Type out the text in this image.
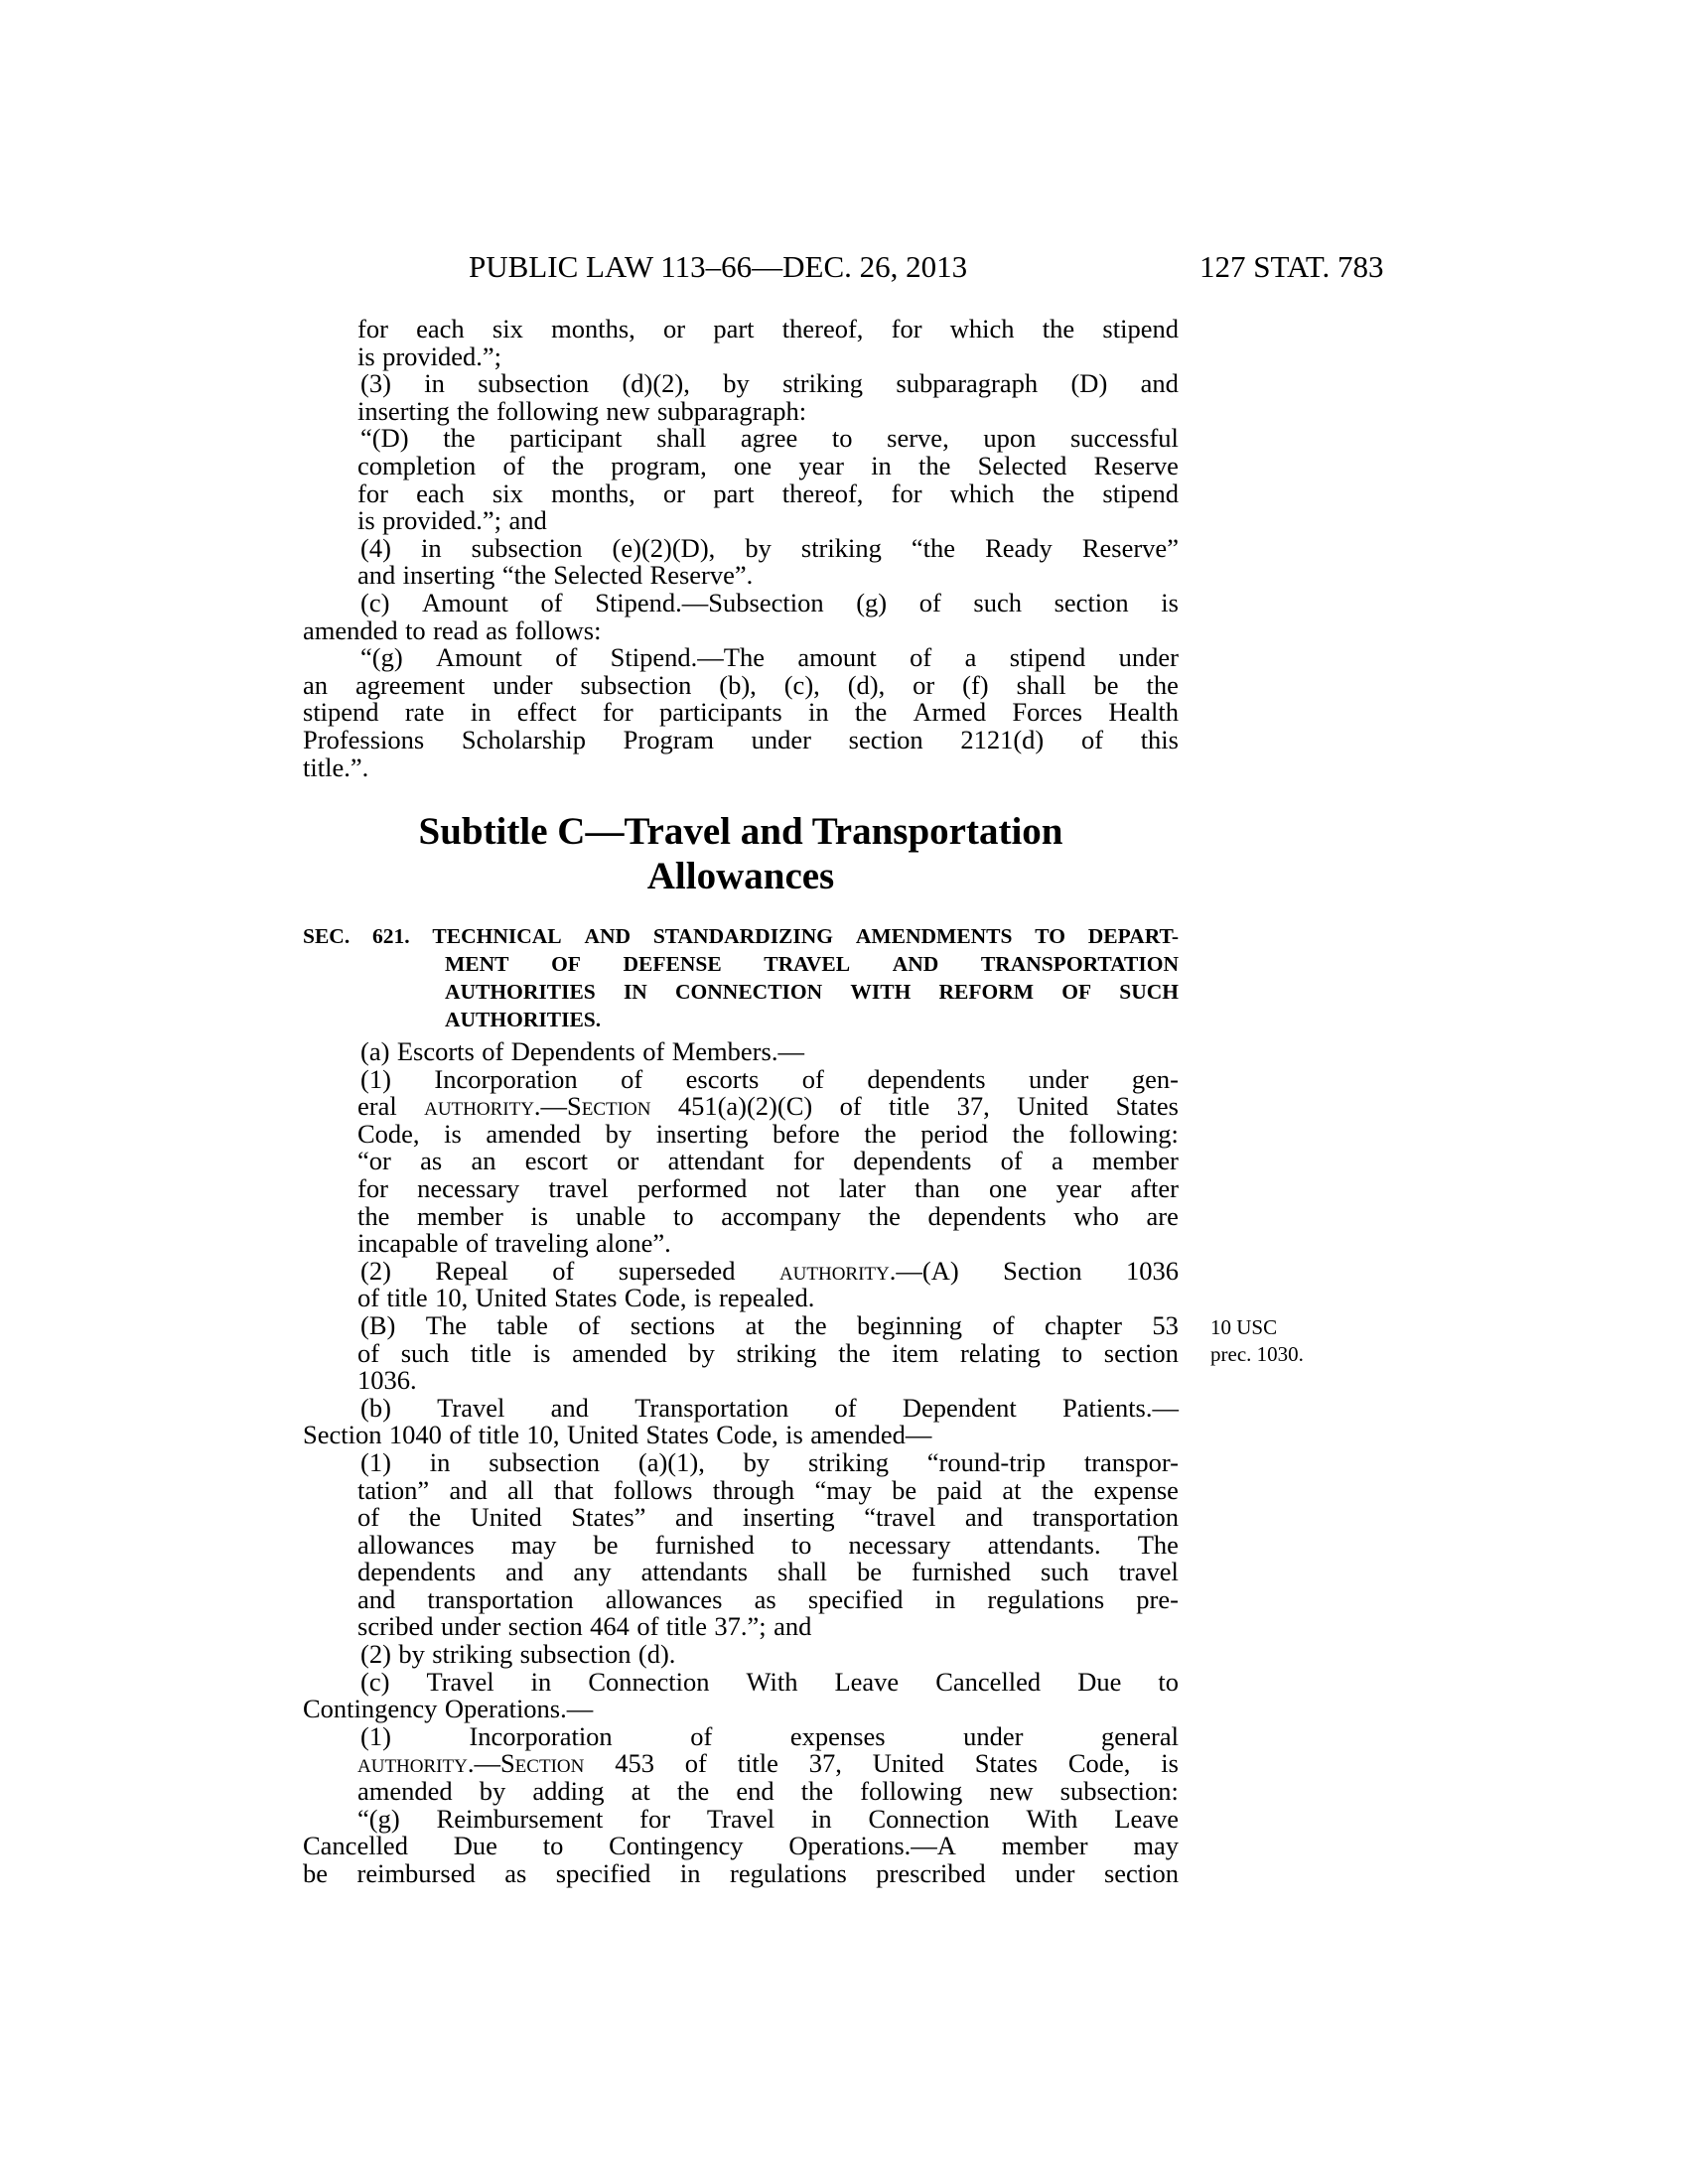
PUBLIC LAW 113–66—DEC. 26, 2013	127 STAT. 783
for each six months, or part thereof, for which the stipend
is provided.”;
(3) in subsection (d)(2), by striking subparagraph (D) and
inserting the following new subparagraph:
“(D) the participant shall agree to serve, upon successful
completion of the program, one year in the Selected Reserve
for each six months, or part thereof, for which the stipend
is provided.”; and
(4) in subsection (e)(2)(D), by striking “the Ready Reserve”
and inserting “the Selected Reserve”.
(c) Amount of Stipend.—Subsection (g) of such section is
amended to read as follows:
“(g) Amount of Stipend.—The amount of a stipend under
an agreement under subsection (b), (c), (d), or (f) shall be the
stipend rate in effect for participants in the Armed Forces Health
Professions Scholarship Program under section 2121(d) of this
title.”.
Subtitle C—Travel and Transportation
Allowances
SEC. 621. TECHNICAL AND STANDARDIZING AMENDMENTS TO DEPART-
MENT OF DEFENSE TRAVEL AND TRANSPORTATION
AUTHORITIES IN CONNECTION WITH REFORM OF SUCH
AUTHORITIES.
(a) Escorts of Dependents of Members.—
(1) Incorporation of escorts of dependents under gen-
eral authority.—Section 451(a)(2)(C) of title 37, United States
Code, is amended by inserting before the period the following:
“or as an escort or attendant for dependents of a member
for necessary travel performed not later than one year after
the member is unable to accompany the dependents who are
incapable of traveling alone”.
(2) Repeal of superseded authority.—(A) Section 1036
of title 10, United States Code, is repealed.
(B) The table of sections at the beginning of chapter 53
of such title is amended by striking the item relating to section
1036.
(b) Travel and Transportation of Dependent Patients.—
Section 1040 of title 10, United States Code, is amended—
(1) in subsection (a)(1), by striking “round-trip transpor-
tation” and all that follows through “may be paid at the expense
of the United States” and inserting “travel and transportation
allowances may be furnished to necessary attendants. The
dependents and any attendants shall be furnished such travel
and transportation allowances as specified in regulations pre-
scribed under section 464 of title 37.”; and
(2) by striking subsection (d).
(c) Travel in Connection With Leave Cancelled Due to
Contingency Operations.—
(1)	Incorporation	of	expenses	under	general
authority.—Section 453 of title 37, United States Code, is
amended by adding at the end the following new subsection:
“(g) Reimbursement for Travel in Connection With Leave
Cancelled Due to Contingency Operations.—A member may
be reimbursed as specified in regulations prescribed under section
10 USC
prec. 1030.
